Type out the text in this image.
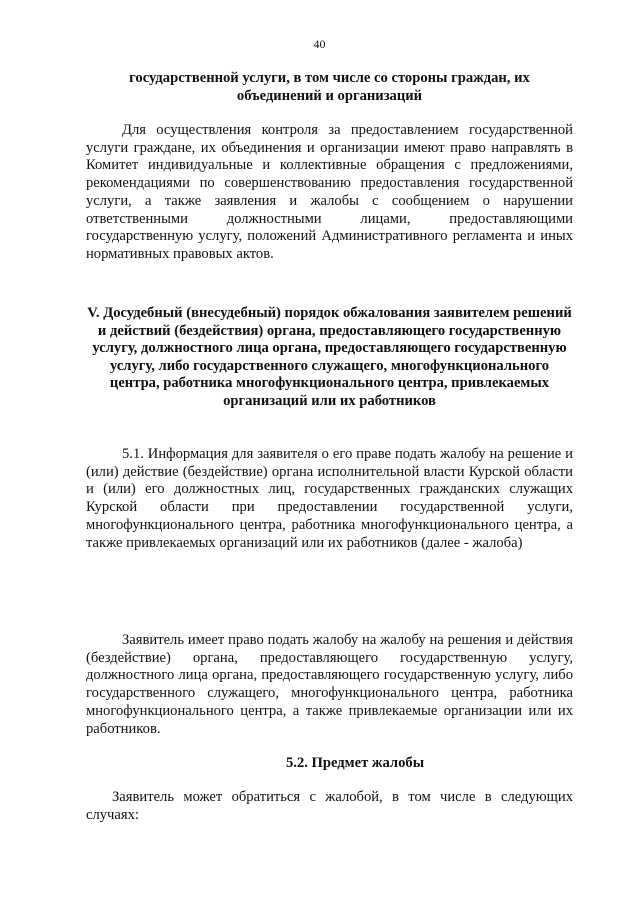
40

государственной услуги, в том числе со стороны граждан, их объединений и организаций

Для осуществления контроля за предоставлением государственной услуги граждане, их объединения и организации имеют право направлять в Комитет индивидуальные и коллективные обращения с предложениями, рекомендациями по совершенствованию предоставления государственной услуги, а также заявления и жалобы с сообщением о нарушении ответственными должностными лицами, предоставляющими государственную услугу, положений Административного регламента и иных нормативных правовых актов.

V. Досудебный (внесудебный) порядок обжалования заявителем решений и действий (бездействия) органа, предоставляющего государственную услугу, должностного лица органа, предоставляющего государственную услугу, либо государственного служащего, многофункционального центра, работника многофункционального центра, привлекаемых организаций или их работников

5.1. Информация для заявителя о его праве подать жалобу на решение и (или) действие (бездействие) органа исполнительной власти Курской области и (или) его должностных лиц, государственных гражданских служащих Курской области при предоставлении государственной услуги, многофункционального центра, работника многофункционального центра, а также привлекаемых организаций или их работников (далее - жалоба)

Заявитель имеет право подать жалобу на жалобу на решения и действия (бездействие) органа, предоставляющего государственную услугу, должностного лица органа, предоставляющего государственную услугу, либо государственного служащего, многофункционального центра, работника многофункционального центра, а также привлекаемые организации или их работников.

5.2. Предмет жалобы

Заявитель может обратиться с жалобой, в том числе в следующих случаях:
